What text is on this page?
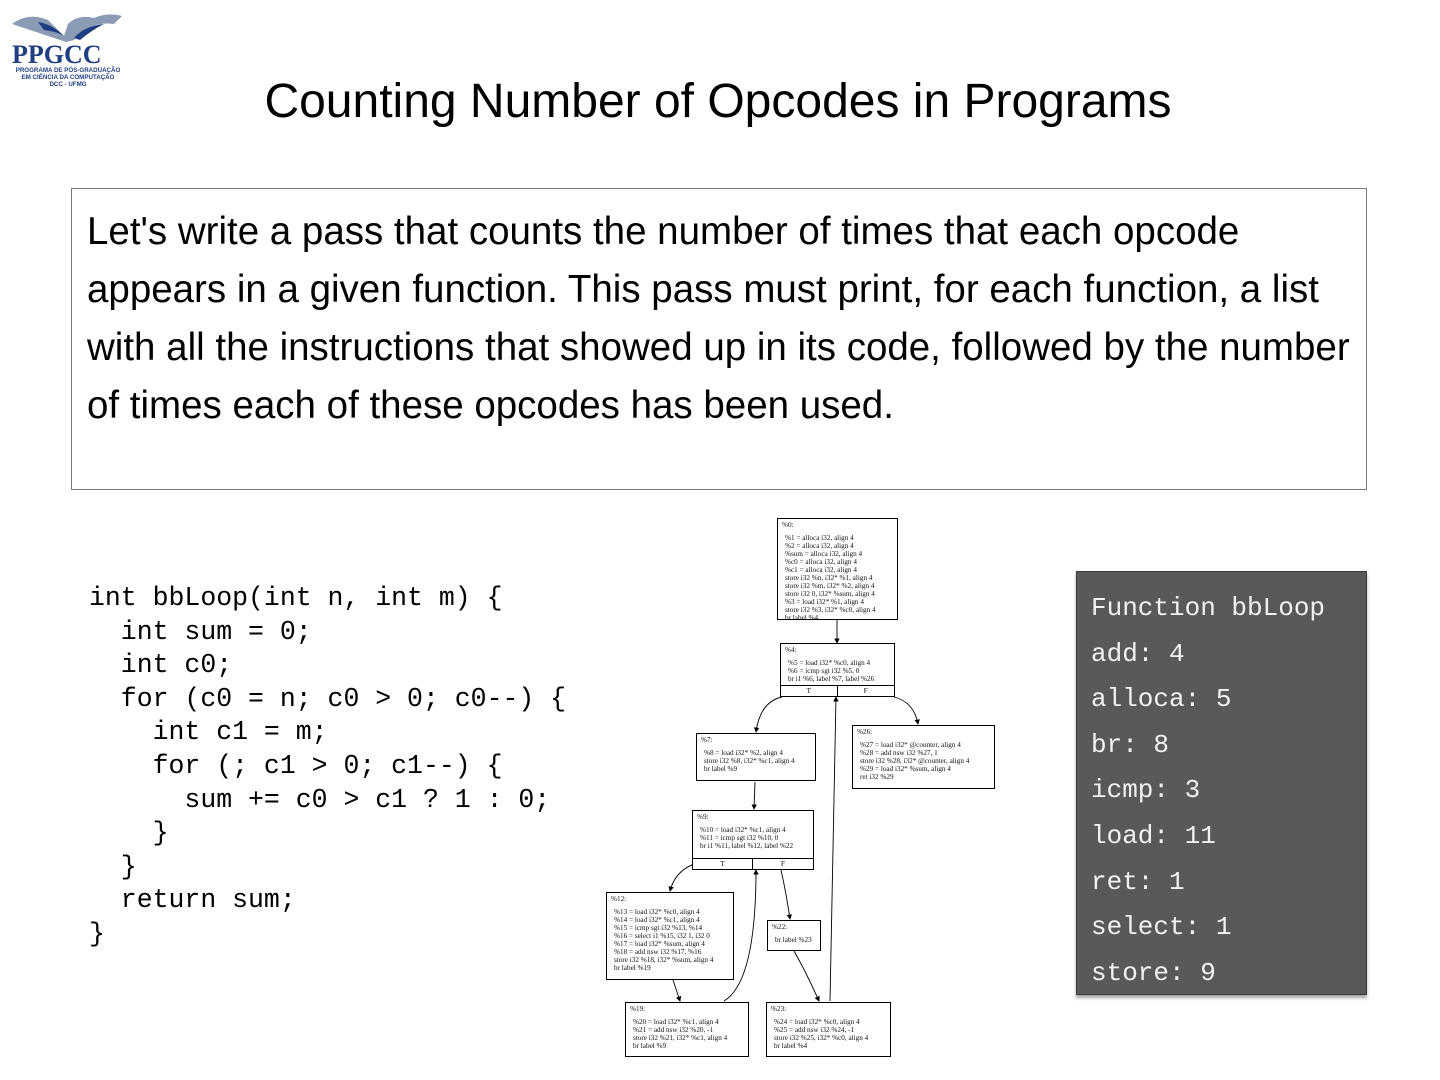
PPGCC
PROGRAMA DE PÓS-GRADUAÇÃO
EM CIÊNCIA DA COMPUTAÇÃO
DCC - UFMG	Counting Number of Opcodes in Programs
Let's write a pass that counts the number of times that each opcode appears in a given function. This pass must print, for each function, a list with all the instructions that showed up in its code, followed by the number of times each of these opcodes has been used.
int bbLoop(int n, int m) {
int sum = 0;
int c0;
for (c0 = n; c0 > 0; c0--) {
int c1 = m;
for (; c1 > 0; c1--) {
sum += c0 > c1 ? 1 : 0;
}
}
return sum;
}
%0:
%1 = alloca i32, align 4
%2 = alloca i32, align 4
%sum = alloca i32, align 4
%c0 = alloca i32, align 4
%c1 = alloca i32, align 4
store i32 %n, i32* %1, align 4
store i32 %m, i32* %2, align 4
store i32 0, i32* %sum, align 4
%3 = load i32* %1, align 4
store i32 %3, i32* %c0, align 4
br label %4
%4:
%5 = load i32* %c0, align 4
%6 = icmp sgt i32 %5, 0
br i1 %6, label %7, label %26
T	F
%7:
%8 = load i32* %2, align 4
store i32 %8, i32* %c1, align 4
br label %9
%26:
%27 = load i32* @counter, align 4
%28 = add nsw i32 %27, 1
store i32 %28, i32* @counter, align 4
%29 = load i32* %sum, align 4
ret i32 %29
%9:
%10 = load i32* %c1, align 4
%11 = icmp sgt i32 %10, 0
br i1 %11, label %12, label %22
T	F
%12:
%13 = load i32* %c0, align 4
%14 = load i32* %c1, align 4
%15 = icmp sgt i32 %13, %14
%16 = select i1 %15, i32 1, i32 0
%17 = load i32* %sum, align 4
%18 = add nsw i32 %17, %16
store i32 %18, i32* %sum, align 4
br label %19
%22:
br label %23
%19:
%20 = load i32* %c1, align 4
%21 = add nsw i32 %20, -1
store i32 %21, i32* %c1, align 4
br label %9
%23:
%24 = load i32* %c0, align 4
%25 = add nsw i32 %24, -1
store i32 %25, i32* %c0, align 4
br label %4
Function bbLoop
add: 4
alloca: 5
br: 8
icmp: 3
load: 11
ret: 1
select: 1
store: 9
